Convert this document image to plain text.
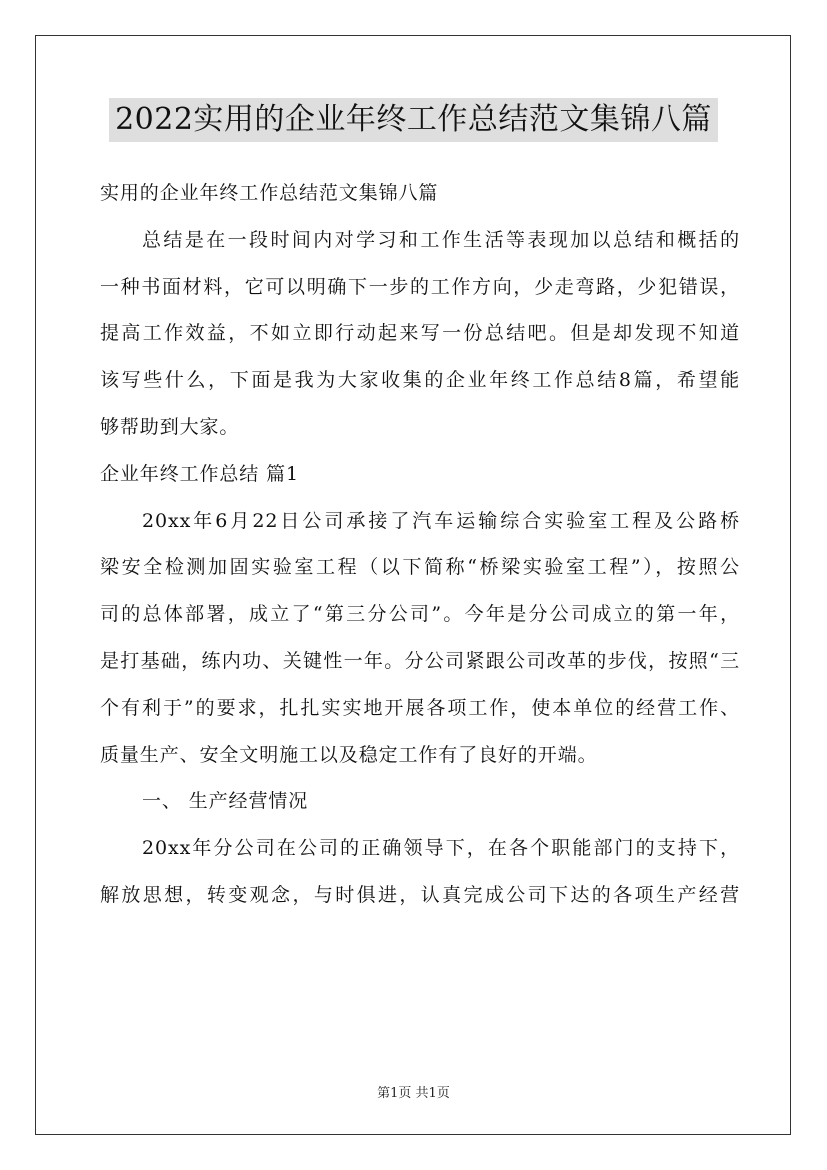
2022实用的企业年终工作总结范文集锦八篇
实用的企业年终工作总结范文集锦八篇
总结是在一段时间内对学习和工作生活等表现加以总结和概括的
一种书面材料，它可以明确下一步的工作方向，少走弯路，少犯错误，
提高工作效益，不如立即行动起来写一份总结吧。但是却发现不知道
该写些什么，下面是我为大家收集的企业年终工作总结8篇，希望能
够帮助到大家。
企业年终工作总结 篇1
20xx年6月22日公司承接了汽车运输综合实验室工程及公路桥
梁安全检测加固实验室工程（以下简称“桥梁实验室工程”），按照公
司的总体部署，成立了“第三分公司”。今年是分公司成立的第一年，
是打基础，练内功、关键性一年。分公司紧跟公司改革的步伐，按照“三
个有利于”的要求，扎扎实实地开展各项工作，使本单位的经营工作、
质量生产、安全文明施工以及稳定工作有了良好的开端。
一、 生产经营情况
20xx年分公司在公司的正确领导下，在各个职能部门的支持下，
解放思想，转变观念，与时俱进，认真完成公司下达的各项生产经营
第1页 共1页
